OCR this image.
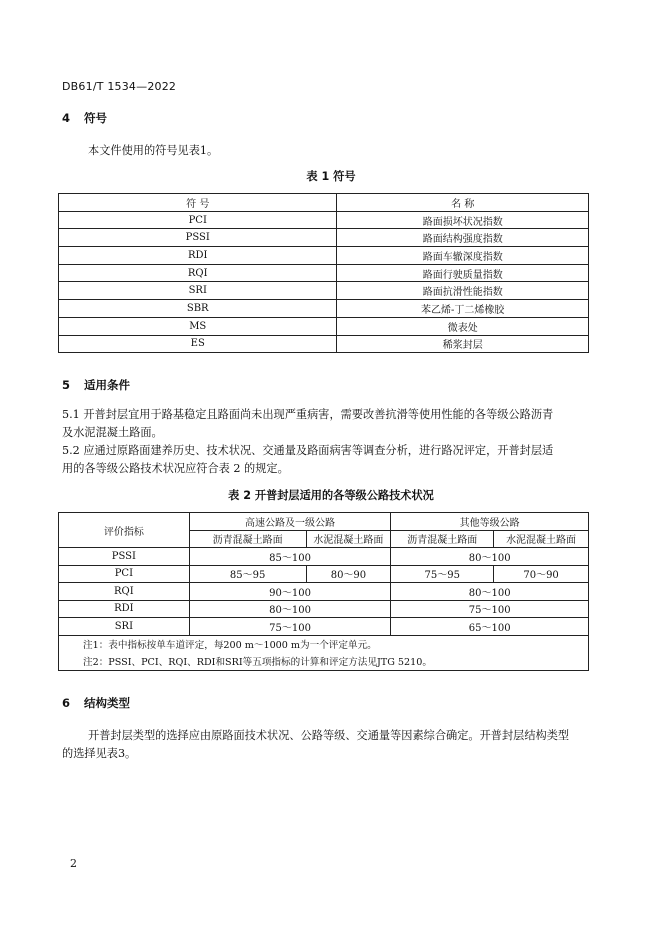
DB61/T 1534—2022
4 符号
本文件使用的符号见表1。
表 1 符号
符 号	名 称
PCI	路面损坏状况指数
PSSI	路面结构强度指数
RDI	路面车辙深度指数
RQI	路面行驶质量指数
SRI	路面抗滑性能指数
SBR	苯乙烯-丁二烯橡胶
MS	微表处
ES	稀浆封层
5 适用条件
5.1 开普封层宜用于路基稳定且路面尚未出现严重病害，需要改善抗滑等使用性能的各等级公路沥青
及水泥混凝土路面。
5.2 应通过原路面建养历史、技术状况、交通量及路面病害等调查分析，进行路况评定，开普封层适
用的各等级公路技术状况应符合表 2 的规定。
表 2 开普封层适用的各等级公路技术状况
评价指标	高速公路及一级公路		其他等级公路	
	沥青混凝土路面	水泥混凝土路面	沥青混凝土路面	水泥混凝土路面
PSSI	85～100		80～100	
PCI	85～95	80～90	75～95	70～90
RQI	90～100		80～100	
RDI	80～100		75～100	
SRI	75～100		65～100	
注1：表中指标按单车道评定，每200 m～1000 m为一个评定单元。				
注2：PSSI、PCI、RQI、RDI和SRI等五项指标的计算和评定方法见JTG 5210。				
6 结构类型
开普封层类型的选择应由原路面技术状况、公路等级、交通量等因素综合确定。开普封层结构类型
的选择见表3。
2
